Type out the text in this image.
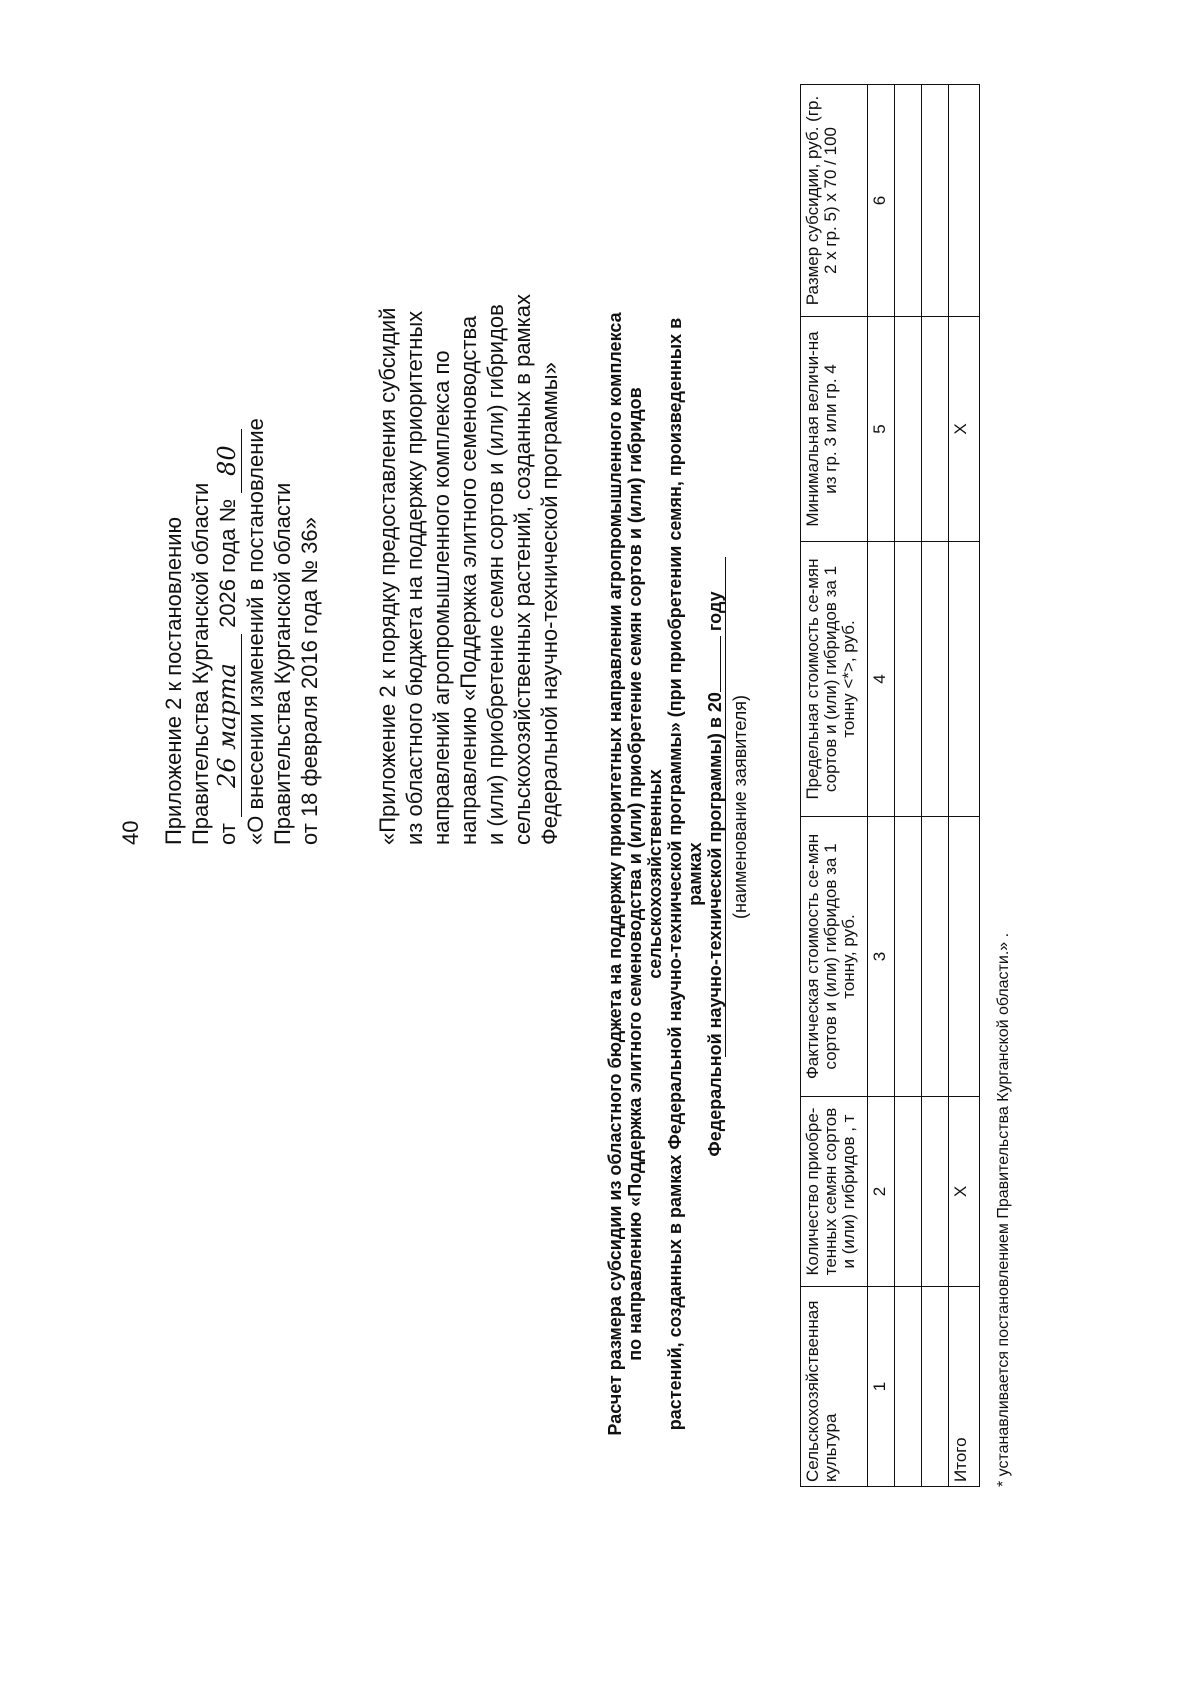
40 Приложение 2 к постановлению Правительства Курганской области от 26 марта 2026 года № 80 «О внесении изменений в постановление Правительства Курганской области от 18 февраля 2016 года № 36» «Приложение 2 к порядку предоставления субсидий из областного бюджета на поддержку приоритетных направлений агропромышленного комплекса по направлению «Поддержка элитного семеноводства и (или) приобретение семян сортов и (или) гибридов сельскохозяйственных растений, созданных в рамках Федеральной научно-технической программы» Расчет размера субсидии из областного бюджета на поддержку приоритетных направлении агропромышленного комплекса по направлению «Поддержка элитного семеноводства и (или) приобретение семян сортов и (или) гибридов сельскохозяйственных растений, созданных в рамках Федеральной научно-технической программы» (при приобретении семян, произведенных в рамках Федеральной научно-технической программы) в 20 году
(наименование заявителя)
Сельскохозяйственная культура	Количество приобре-тенных семян сортов и (или) гибридов , т	Фактическая стоимость се-мян сортов и (или) гибридов за 1 тонну, руб.	Предельная стоимость се-мян сортов и (или) гибридов за 1 тонну <*>, руб.	Минимальная величи-на из гр. 3 или гр. 4	Размер субсидии, руб. (гр. 2 х гр. 5) х 70 / 100
1	2	3	4	5	6

Итого	X			X	
* устанавливается постановлением Правительства Курганской области.» .
